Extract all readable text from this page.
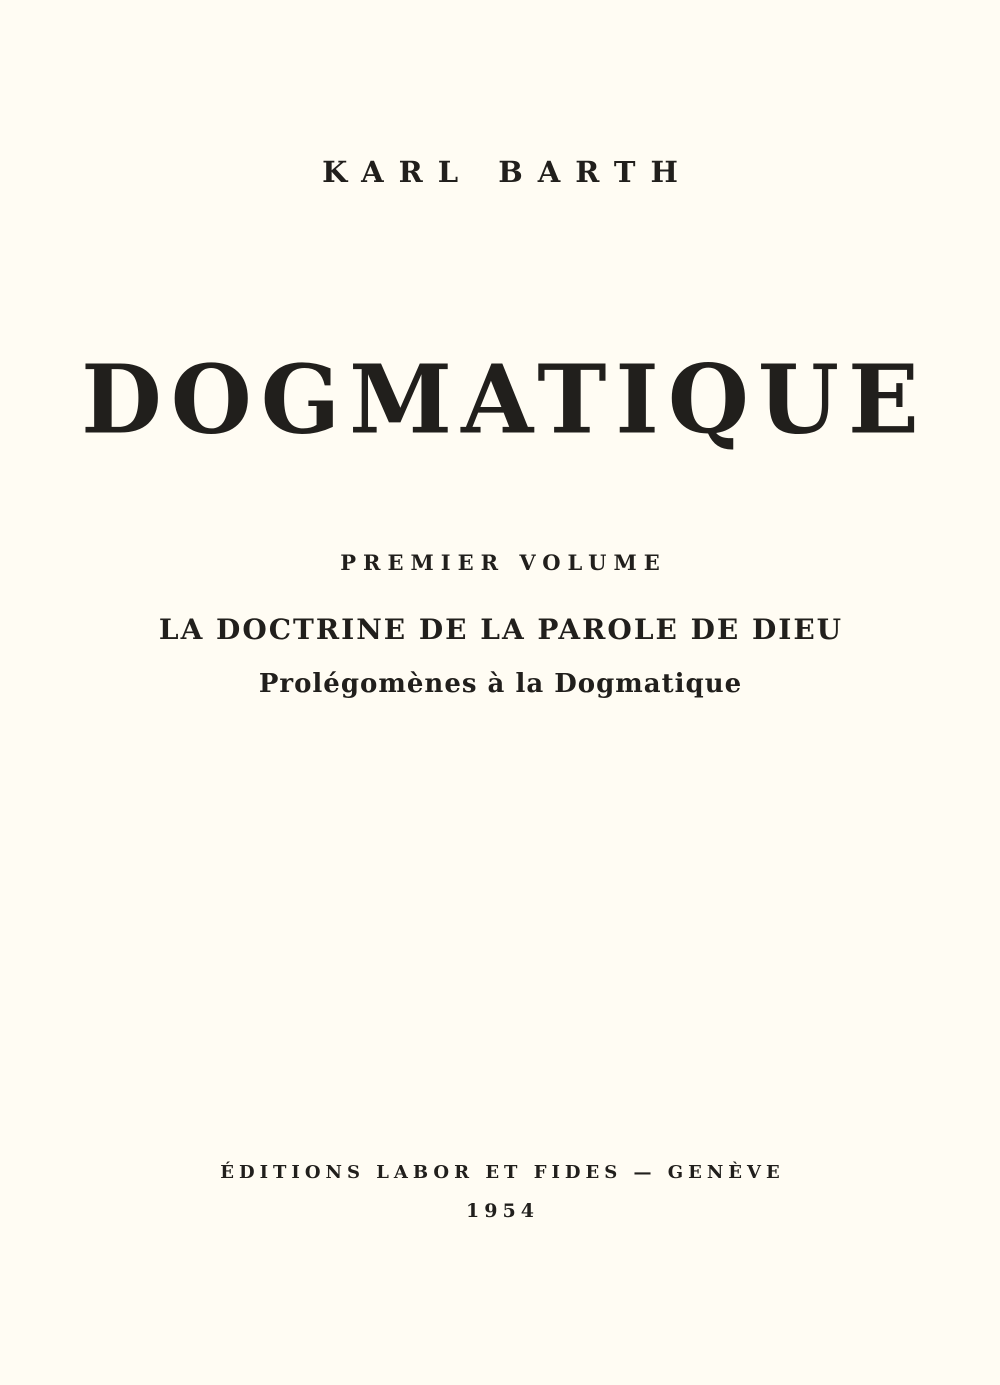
KARL BARTH
DOGMATIQUE
PREMIER VOLUME
LA DOCTRINE DE LA PAROLE DE DIEU
Prolégomènes à la Dogmatique
ÉDITIONS LABOR ET FIDES — GENÈVE
1954
